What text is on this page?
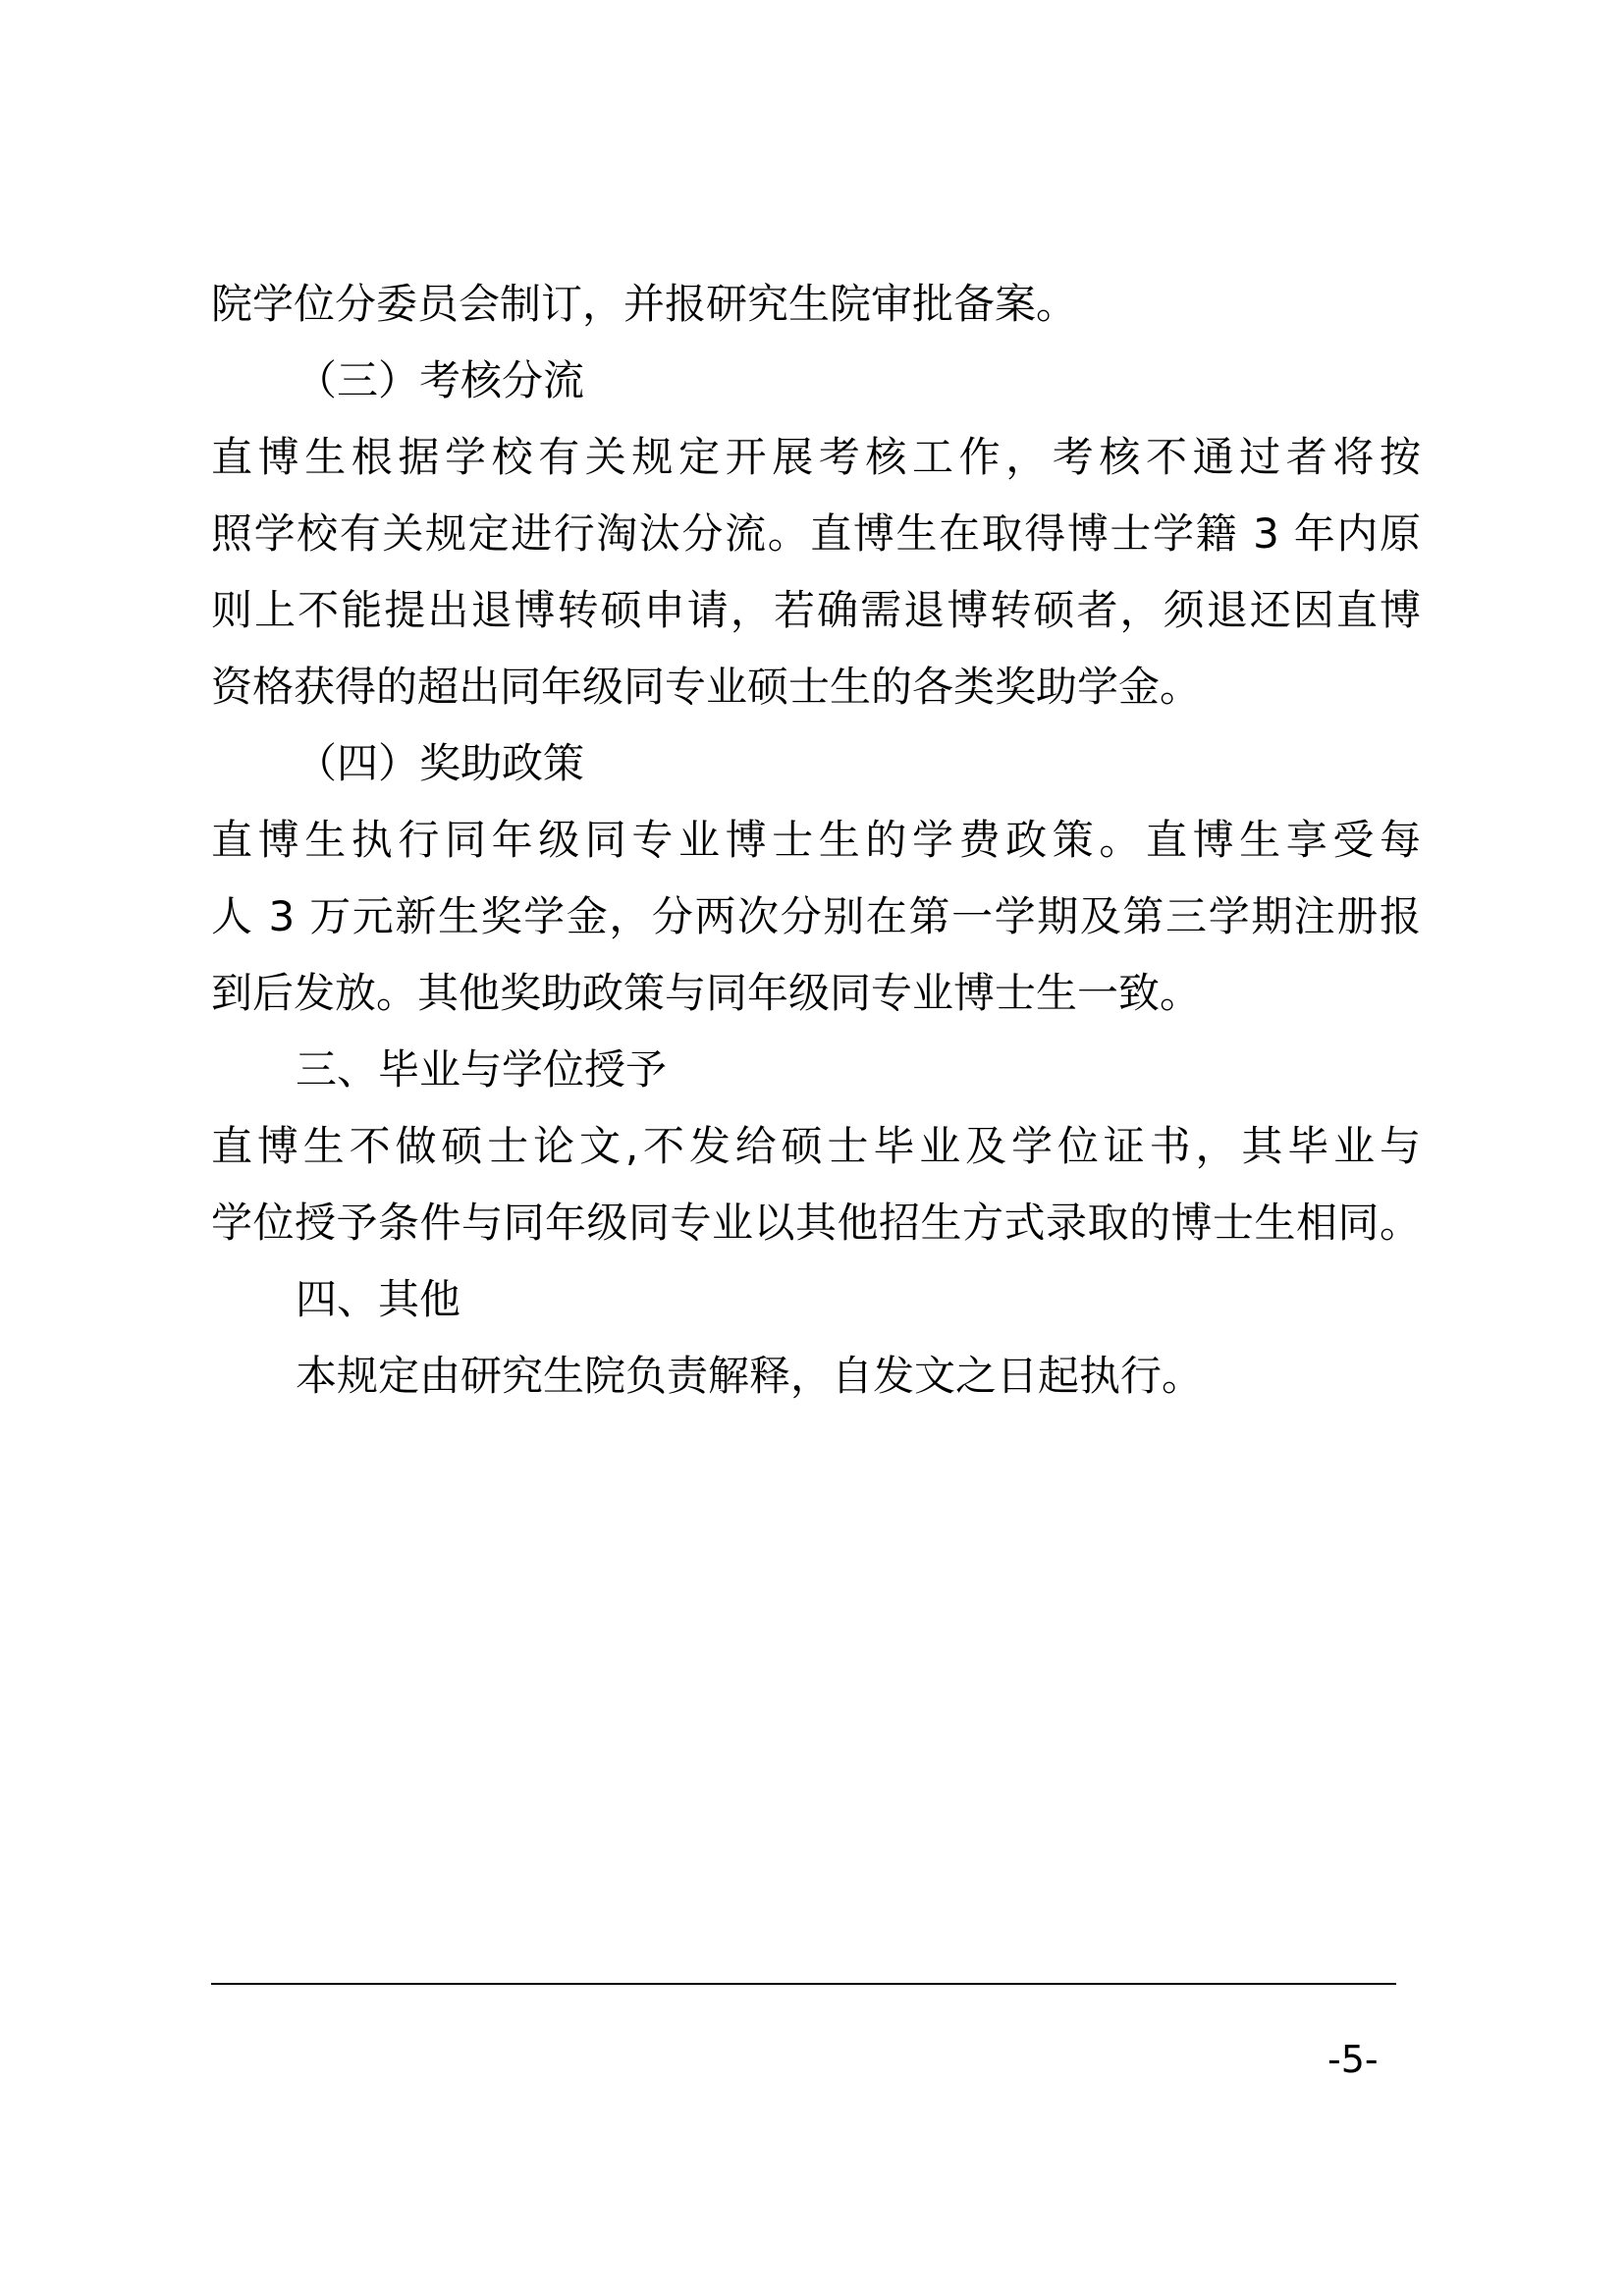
院学位分委员会制订，并报研究生院审批备案。

（三）考核分流

直博生根据学校有关规定开展考核工作，考核不通过者将按

照学校有关规定进行淘汰分流。直博生在取得博士学籍 3 年内原

则上不能提出退博转硕申请，若确需退博转硕者，须退还因直博

资格获得的超出同年级同专业硕士生的各类奖助学金。

（四）奖助政策

直博生执行同年级同专业博士生的学费政策。直博生享受每

人 3 万元新生奖学金，分两次分别在第一学期及第三学期注册报

到后发放。其他奖助政策与同年级同专业博士生一致。

三、毕业与学位授予

直博生不做硕士论文,不发给硕士毕业及学位证书，其毕业与

学位授予条件与同年级同专业以其他招生方式录取的博士生相同。

四、其他

本规定由研究生院负责解释，自发文之日起执行。

-5-
